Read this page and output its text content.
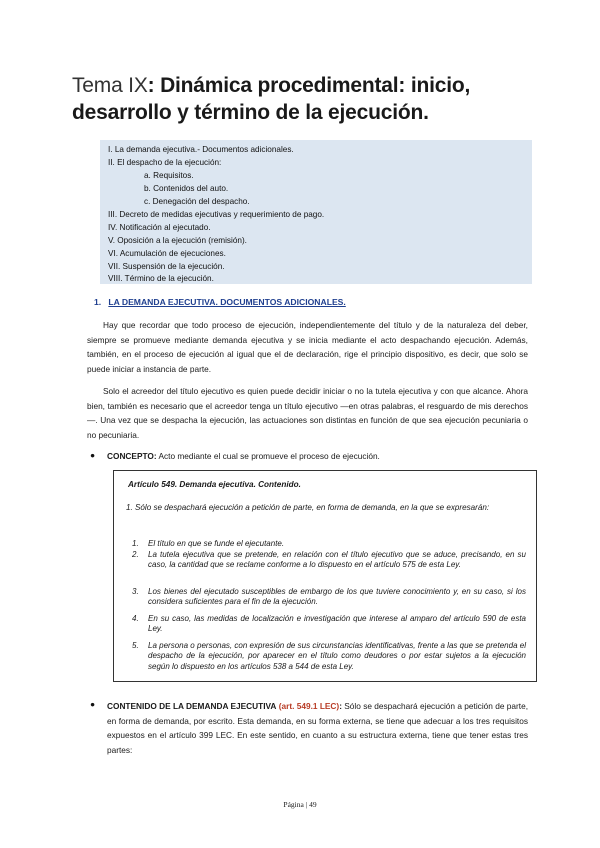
Tema IX: Dinámica procedimental: inicio, desarrollo y término de la ejecución.
I. La demanda ejecutiva.- Documentos adicionales.
II. El despacho de la ejecución:
a. Requisitos.
b. Contenidos del auto.
c. Denegación del despacho.
III. Decreto de medidas ejecutivas y requerimiento de pago.
IV. Notificación al ejecutado.
V. Oposición a la ejecución (remisión).
VI. Acumulación de ejecuciones.
VII. Suspensión de la ejecución.
VIII. Término de la ejecución.
1. LA DEMANDA EJECUTIVA. DOCUMENTOS ADICIONALES.
Hay que recordar que todo proceso de ejecución, independientemente del título y de la naturaleza del deber, siempre se promueve mediante demanda ejecutiva y se inicia mediante el acto despachando ejecución. Además, también, en el proceso de ejecución al igual que el de declaración, rige el principio dispositivo, es decir, que solo se puede iniciar a instancia de parte.
Solo el acreedor del título ejecutivo es quien puede decidir iniciar o no la tutela ejecutiva y con que alcance. Ahora bien, también es necesario que el acreedor tenga un título ejecutivo —en otras palabras, el resguardo de mis derechos—. Una vez que se despacha la ejecución, las actuaciones son distintas en función de que sea ejecución pecuniaria o no pecuniaria.
● CONCEPTO: Acto mediante el cual se promueve el proceso de ejecución.
Artículo 549. Demanda ejecutiva. Contenido.
1. Sólo se despachará ejecución a petición de parte, en forma de demanda, en la que se expresarán:
1.	El título en que se funde el ejecutante.
2.	La tutela ejecutiva que se pretende, en relación con el título ejecutivo que se aduce, precisando, en su caso, la cantidad que se reclame conforme a lo dispuesto en el artículo 575 de esta Ley.
3.	Los bienes del ejecutado susceptibles de embargo de los que tuviere conocimiento y, en su caso, si los considera suficientes para el fin de la ejecución.
4.	En su caso, las medidas de localización e investigación que interese al amparo del artículo 590 de esta Ley.
5.	La persona o personas, con expresión de sus circunstancias identificativas, frente a las que se pretenda el despacho de la ejecución, por aparecer en el título como deudores o por estar sujetos a la ejecución según lo dispuesto en los artículos 538 a 544 de esta Ley.
● CONTENIDO DE LA DEMANDA EJECUTIVA (art. 549.1 LEC): Sólo se despachará ejecución a petición de parte, en forma de demanda, por escrito. Esta demanda, en su forma externa, se tiene que adecuar a los tres requisitos expuestos en el artículo 399 LEC. En este sentido, en cuanto a su estructura externa, tiene que tener estas tres partes:
Página | 49
